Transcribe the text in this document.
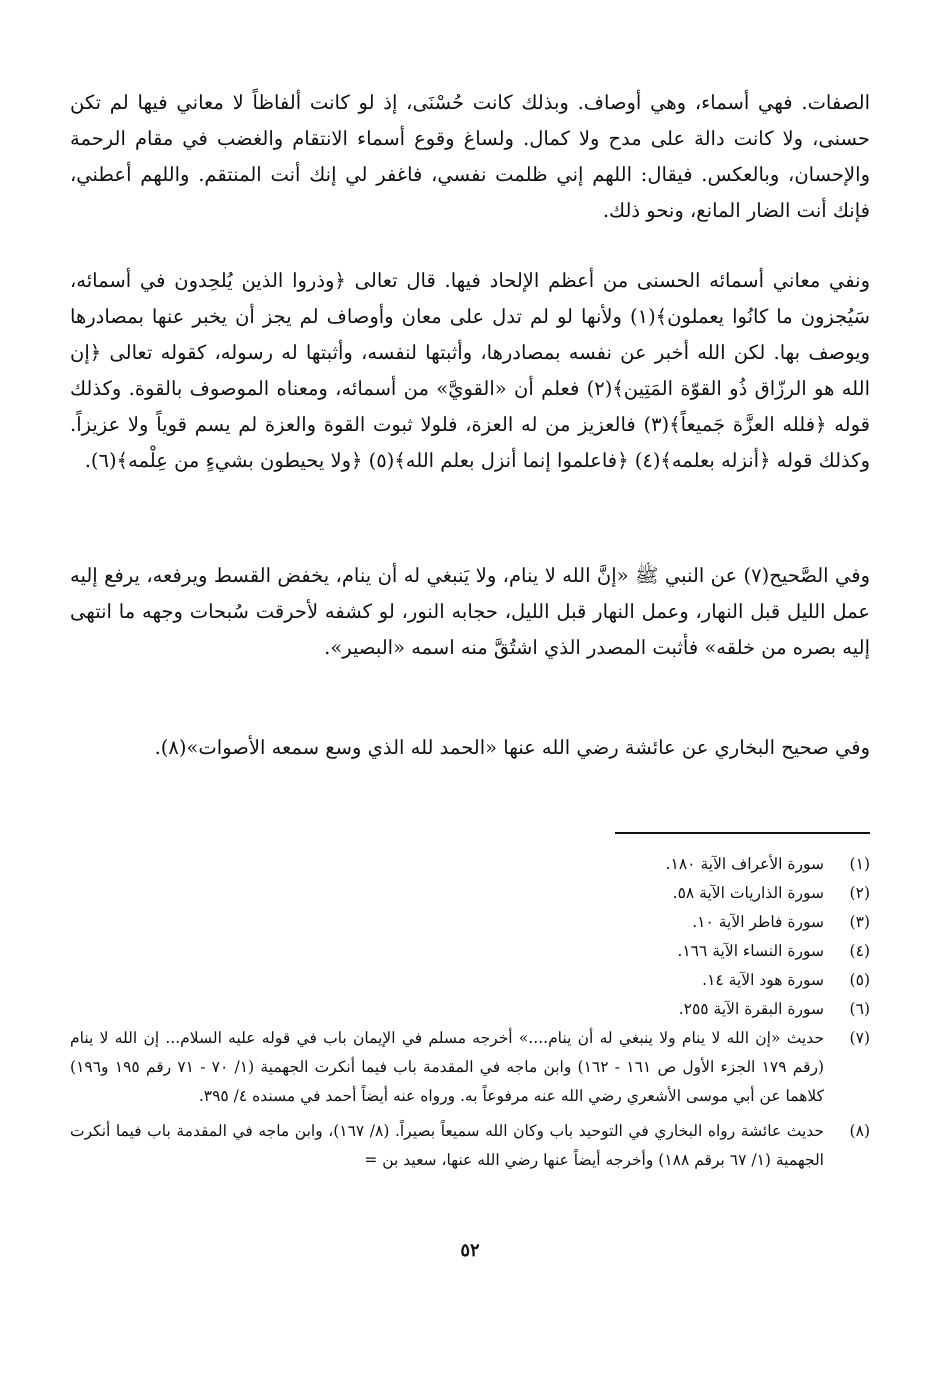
الصفات. فهي أسماء، وهي أوصاف. وبذلك كانت حُسْنَى، إذ لو كانت ألفاظاً لا معاني فيها لم تكن حسنى، ولا كانت دالة على مدح ولا كمال. ولساغ وقوع أسماء الانتقام والغضب في مقام الرحمة والإحسان، وبالعكس. فيقال: اللهم إني ظلمت نفسي، فاغفر لي إنك أنت المنتقم. واللهم أعطني، فإنك أنت الضار المانع، ونحو ذلك.

ونفي معاني أسمائه الحسنى من أعظم الإلحاد فيها. قال تعالى ﴿وذروا الذين يُلحِدون في أسمائه، سَيُجزون ما كانُوا يعملون﴾(١) ولأنها لو لم تدل على معان وأوصاف لم يجز أن يخبر عنها بمصادرها ويوصف بها. لكن الله أخبر عن نفسه بمصادرها، وأثبتها لنفسه، وأثبتها له رسوله، كقوله تعالى ﴿إن الله هو الرزّاق ذُو القوّة المَتِين﴾(٢) فعلم أن «القويَّ» من أسمائه، ومعناه الموصوف بالقوة. وكذلك قوله ﴿فلله العزَّة جَميعاً﴾(٣) فالعزيز من له العزة، فلولا ثبوت القوة والعزة لم يسم قوياً ولا عزيزاً. وكذلك قوله ﴿أنزله بعلمه﴾(٤) ﴿فاعلموا إنما أنزل بعلم الله﴾(٥) ﴿ولا يحيطون بشيءٍ من عِلْمه﴾(٦).

وفي الصَّحيح(٧) عن النبي ﷺ «إنَّ الله لا ينام، ولا يَنبغي له أن ينام، يخفض القسط ويرفعه، يرفع إليه عمل الليل قبل النهار، وعمل النهار قبل الليل، حجابه النور، لو كشفه لأحرقت سُبحات وجهه ما انتهى إليه بصره من خلقه» فأثبت المصدر الذي اشتُقَّ منه اسمه «البصير».

وفي صحيح البخاري عن عائشة رضي الله عنها «الحمد لله الذي وسع سمعه الأصوات»(٨).

(١)
سورة الأعراف الآية ١٨٠.
(٢)
سورة الذاريات الآية ٥٨.
(٣)
سورة فاطر الآية ١٠.
(٤)
سورة النساء الآية ١٦٦.
(٥)
سورة هود الآية ١٤.
(٦)
سورة البقرة الآية ٢٥٥.
(٧)
حديث «إن الله لا ينام ولا ينبغي له أن ينام....» أخرجه مسلم في الإيمان باب في قوله عليه السلام... إن الله لا ينام (رقم ١٧٩ الجزء الأول ص ١٦١ - ١٦٢) وابن ماجه في المقدمة باب فيما أنكرت الجهمية (١/ ٧٠ - ٧١ رقم ١٩٥ و١٩٦) كلاهما عن أبي موسى الأشعري رضي الله عنه مرفوعاً به. ورواه عنه أيضاً أحمد في مسنده ٤/ ٣٩٥.
(٨)
حديث عائشة رواه البخاري في التوحيد باب وكان الله سميعاً بصيراً. (٨/ ١٦٧)، وابن ماجه في المقدمة باب فيما أنكرت الجهمية (١/ ٦٧ برقم ١٨٨) وأخرجه أيضاً عنها رضي الله عنها، سعيد بن =
٥٢
